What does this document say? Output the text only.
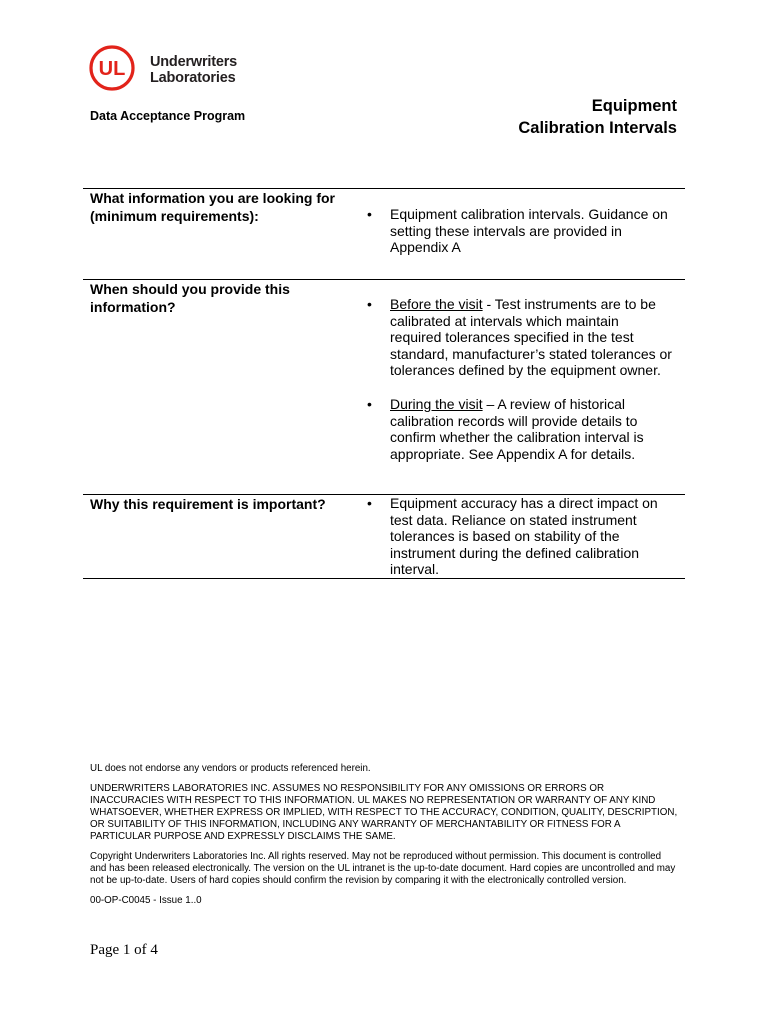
UL Underwriters
Laboratories
Data Acceptance Program
Equipment
Calibration Intervals
What information you are looking for (minimum requirements):	• Equipment calibration intervals. Guidance on setting these intervals are provided in Appendix A
When should you provide this information?	• Before the visit - Test instruments are to be calibrated at intervals which maintain required tolerances specified in the test standard, manufacturer’s stated tolerances or tolerances defined by the equipment owner.
• During the visit – A review of historical calibration records will provide details to confirm whether the calibration interval is appropriate. See Appendix A for details.
Why this requirement is important?	• Equipment accuracy has a direct impact on test data. Reliance on stated instrument tolerances is based on stability of the instrument during the defined calibration interval.

UL does not endorse any vendors or products referenced herein.

UNDERWRITERS LABORATORIES INC. ASSUMES NO RESPONSIBILITY FOR ANY OMISSIONS OR ERRORS OR INACCURACIES WITH RESPECT TO THIS INFORMATION. UL MAKES NO REPRESENTATION OR WARRANTY OF ANY KIND WHATSOEVER, WHETHER EXPRESS OR IMPLIED, WITH RESPECT TO THE ACCURACY, CONDITION, QUALITY, DESCRIPTION, OR SUITABILITY OF THIS INFORMATION, INCLUDING ANY WARRANTY OF MERCHANTABILITY OR FITNESS FOR A PARTICULAR PURPOSE AND EXPRESSLY DISCLAIMS THE SAME.

Copyright Underwriters Laboratories Inc. All rights reserved. May not be reproduced without permission. This document is controlled and has been released electronically. The version on the UL intranet is the up-to-date document. Hard copies are uncontrolled and may not be up-to-date. Users of hard copies should confirm the revision by comparing it with the electronically controlled version.

00-OP-C0045 - Issue 1..0

Page 1 of 4
